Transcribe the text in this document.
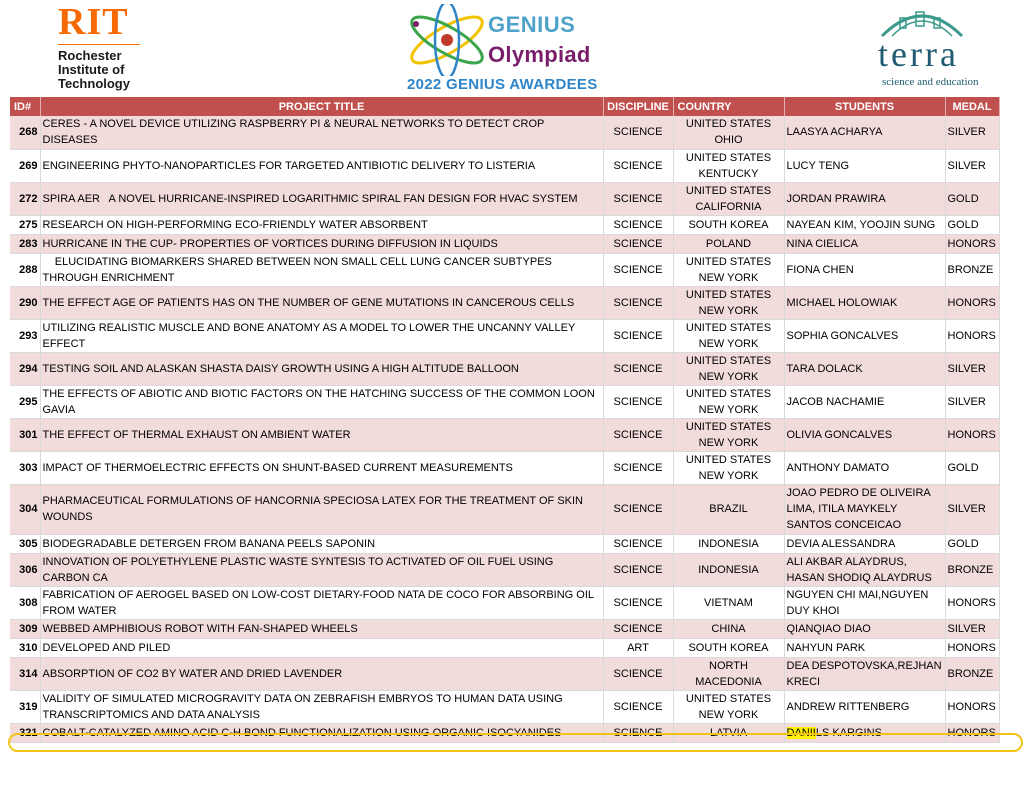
RIT
Rochester Institute of Technology
GENIUS
Olympiad
2022 GENIUS AWARDEES
terra
science and education
ID#	PROJECT TITLE	DISCIPLINE	COUNTRY	STUDENTS	MEDAL
268	CERES - A NOVEL DEVICE UTILIZING RASPBERRY PI & NEURAL NETWORKS TO DETECT CROP DISEASES	SCIENCE	UNITED STATES OHIO	LAASYA ACHARYA	SILVER
269	ENGINEERING PHYTO-NANOPARTICLES FOR TARGETED ANTIBIOTIC DELIVERY TO LISTERIA	SCIENCE	UNITED STATES KENTUCKY	LUCY TENG	SILVER
272	SPIRA AER   A NOVEL HURRICANE-INSPIRED LOGARITHMIC SPIRAL FAN DESIGN FOR HVAC SYSTEM	SCIENCE	UNITED STATES CALIFORNIA	JORDAN PRAWIRA	GOLD
275	RESEARCH ON HIGH-PERFORMING ECO-FRIENDLY WATER ABSORBENT	SCIENCE	SOUTH KOREA	NAYEAN KIM, YOOJIN SUNG	GOLD
283	HURRICANE IN THE CUP- PROPERTIES OF VORTICES DURING DIFFUSION IN LIQUIDS	SCIENCE	POLAND	NINA CIELICA	HONORS
288	ELUCIDATING BIOMARKERS SHARED BETWEEN NON SMALL CELL LUNG CANCER SUBTYPES THROUGH ENRICHMENT	SCIENCE	UNITED STATES NEW YORK	FIONA CHEN	BRONZE
290	THE EFFECT AGE OF PATIENTS HAS ON THE NUMBER OF GENE MUTATIONS IN CANCEROUS CELLS	SCIENCE	UNITED STATES NEW YORK	MICHAEL HOLOWIAK	HONORS
293	UTILIZING REALISTIC MUSCLE AND BONE ANATOMY AS A MODEL TO LOWER THE UNCANNY VALLEY EFFECT	SCIENCE	UNITED STATES NEW YORK	SOPHIA GONCALVES	HONORS
294	TESTING SOIL AND ALASKAN SHASTA DAISY GROWTH USING A HIGH ALTITUDE BALLOON	SCIENCE	UNITED STATES NEW YORK	TARA DOLACK	SILVER
295	THE EFFECTS OF ABIOTIC AND BIOTIC FACTORS ON THE HATCHING SUCCESS OF THE COMMON LOON GAVIA	SCIENCE	UNITED STATES NEW YORK	JACOB NACHAMIE	SILVER
301	THE EFFECT OF THERMAL EXHAUST ON AMBIENT WATER	SCIENCE	UNITED STATES NEW YORK	OLIVIA GONCALVES	HONORS
303	IMPACT OF THERMOELECTRIC EFFECTS ON SHUNT-BASED CURRENT MEASUREMENTS	SCIENCE	UNITED STATES NEW YORK	ANTHONY DAMATO	GOLD
304	PHARMACEUTICAL FORMULATIONS OF HANCORNIA SPECIOSA LATEX FOR THE TREATMENT OF SKIN WOUNDS	SCIENCE	BRAZIL	JOAO PEDRO DE OLIVEIRA LIMA, ITILA MAYKELY SANTOS CONCEICAO	SILVER
305	BIODEGRADABLE DETERGEN FROM BANANA PEELS SAPONIN	SCIENCE	INDONESIA	DEVIA ALESSANDRA	GOLD
306	INNOVATION OF POLYETHYLENE PLASTIC WASTE SYNTESIS TO ACTIVATED OF OIL FUEL USING CARBON CA	SCIENCE	INDONESIA	ALI AKBAR ALAYDRUS, HASAN SHODIQ ALAYDRUS	BRONZE
308	FABRICATION OF AEROGEL BASED ON LOW-COST DIETARY-FOOD NATA DE COCO FOR ABSORBING OIL FROM WATER	SCIENCE	VIETNAM	NGUYEN CHI MAI,NGUYEN DUY KHOI	HONORS
309	WEBBED AMPHIBIOUS ROBOT WITH FAN-SHAPED WHEELS	SCIENCE	CHINA	QIANQIAO DIAO	SILVER
310	DEVELOPED AND PILED	ART	SOUTH KOREA	NAHYUN PARK	HONORS
314	ABSORPTION OF CO2 BY WATER AND DRIED LAVENDER	SCIENCE	NORTH MACEDONIA	DEA DESPOTOVSKA,REJHAN KRECI	BRONZE
319	VALIDITY OF SIMULATED MICROGRAVITY DATA ON ZEBRAFISH EMBRYOS TO HUMAN DATA USING TRANSCRIPTOMICS AND DATA ANALYSIS	SCIENCE	UNITED STATES NEW YORK	ANDREW RITTENBERG	HONORS
321	COBALT-CATALYZED AMINO ACID C-H BOND FUNCTIONALIZATION USING ORGANIC ISOCYANIDES	SCIENCE	LATVIA	DANIILS KARGINS	HONORS
